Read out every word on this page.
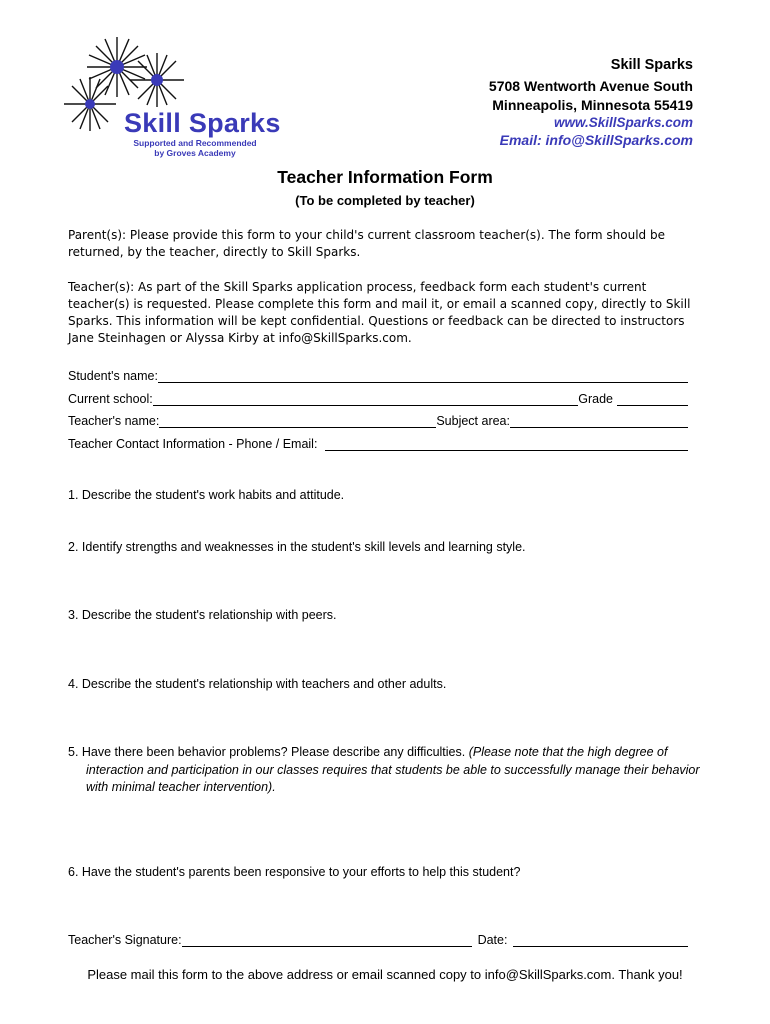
Skill Sparks
Supported and Recommended
by Groves Academy
Skill Sparks
5708 Wentworth Avenue South
Minneapolis, Minnesota 55419
www.SkillSparks.com
Email: info@SkillSparks.com
Teacher Information Form
(To be completed by teacher)
Parent(s): Please provide this form to your child's current classroom teacher(s). The form should be returned, by the teacher, directly to Skill Sparks.
Teacher(s): As part of the Skill Sparks application process, feedback form each student's current teacher(s) is requested. Please complete this form and mail it, or email a scanned copy, directly to Skill Sparks. This information will be kept confidential. Questions or feedback can be directed to instructors Jane Steinhagen or Alyssa Kirby at info@SkillSparks.com.
Student's name:
Current school:	Grade
Teacher's name:	Subject area:
Teacher Contact Information - Phone / Email:
1. Describe the student's work habits and attitude.
2. Identify strengths and weaknesses in the student's skill levels and learning style.
3. Describe the student's relationship with peers.
4. Describe the student's relationship with teachers and other adults.
5. Have there been behavior problems? Please describe any difficulties. (Please note that the high degree of
interaction and participation in our classes requires that students be able to successfully manage their behavior
with minimal teacher intervention).
6. Have the student's parents been responsive to your efforts to help this student?
Teacher's Signature:	Date:
Please mail this form to the above address or email scanned copy to info@SkillSparks.com. Thank you!
